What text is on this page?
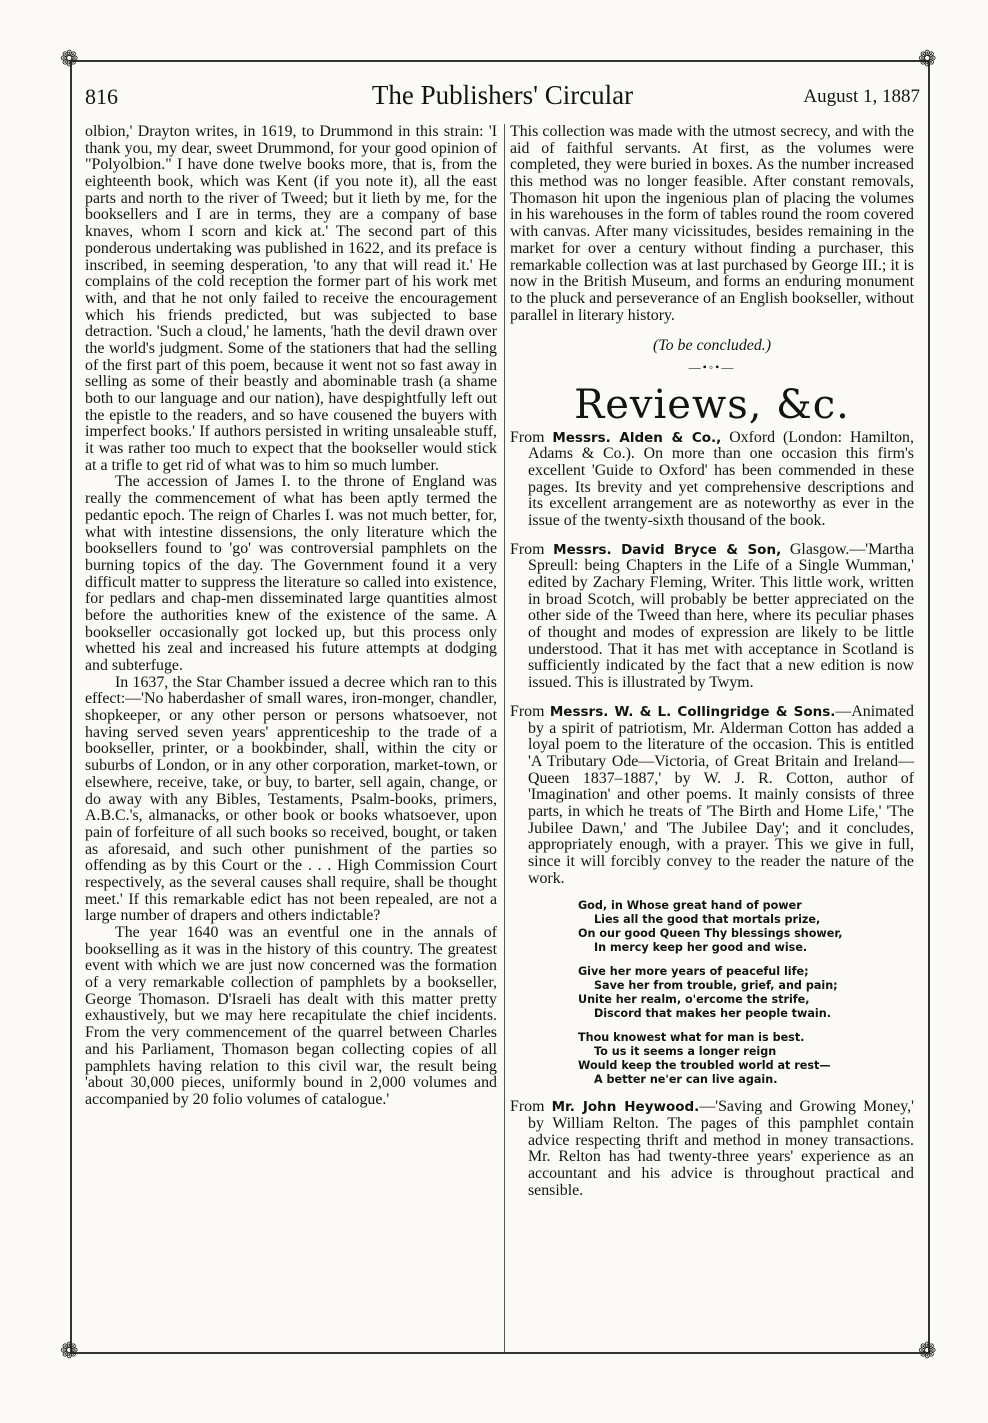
❁	❁
❁	❁
816	The Publishers' Circular	August 1, 1887

olbion,' Drayton writes, in 1619, to Drummond in this strain: 'I thank you, my dear, sweet Drummond, for your good opinion of "Polyolbion." I have done twelve books more, that is, from the eighteenth book, which was Kent (if you note it), all the east parts and north to the river of Tweed; but it lieth by me, for the booksellers and I are in terms, they are a company of base knaves, whom I scorn and kick at.' The second part of this ponderous undertaking was published in 1622, and its preface is inscribed, in seeming desperation, 'to any that will read it.' He complains of the cold reception the former part of his work met with, and that he not only failed to receive the encouragement which his friends predicted, but was subjected to base detraction. 'Such a cloud,' he laments, 'hath the devil drawn over the world's judgment. Some of the stationers that had the selling of the first part of this poem, because it went not so fast away in selling as some of their beastly and abominable trash (a shame both to our language and our nation), have despightfully left out the epistle to the readers, and so have cousened the buyers with imperfect books.' If authors persisted in writing unsaleable stuff, it was rather too much to expect that the bookseller would stick at a trifle to get rid of what was to him so much lumber.

The accession of James I. to the throne of England was really the commencement of what has been aptly termed the pedantic epoch. The reign of Charles I. was not much better, for, what with intestine dissensions, the only literature which the booksellers found to 'go' was controversial pamphlets on the burning topics of the day. The Government found it a very difficult matter to suppress the literature so called into existence, for pedlars and chap-men disseminated large quantities almost before the authorities knew of the existence of the same. A bookseller occasionally got locked up, but this process only whetted his zeal and increased his future attempts at dodging and subterfuge.

In 1637, the Star Chamber issued a decree which ran to this effect:—'No haberdasher of small wares, iron-monger, chandler, shopkeeper, or any other person or persons whatsoever, not having served seven years' apprenticeship to the trade of a bookseller, printer, or a bookbinder, shall, within the city or suburbs of London, or in any other corporation, market-town, or elsewhere, receive, take, or buy, to barter, sell again, change, or do away with any Bibles, Testaments, Psalm-books, primers, A.B.C.'s, almanacks, or other book or books whatsoever, upon pain of forfeiture of all such books so received, bought, or taken as aforesaid, and such other punishment of the parties so offending as by this Court or the . . . High Commission Court respectively, as the several causes shall require, shall be thought meet.' If this remarkable edict has not been repealed, are not a large number of drapers and others indictable?

The year 1640 was an eventful one in the annals of bookselling as it was in the history of this country. The greatest event with which we are just now concerned was the formation of a very remarkable collection of pamphlets by a bookseller, George Thomason. D'Israeli has dealt with this matter pretty exhaustively, but we may here recapitulate the chief incidents. From the very commencement of the quarrel between Charles and his Parliament, Thomason began collecting copies of all pamphlets having relation to this civil war, the result being 'about 30,000 pieces, uniformly bound in 2,000 volumes and accompanied by 20 folio volumes of catalogue.'

This collection was made with the utmost secrecy, and with the aid of faithful servants. At first, as the volumes were completed, they were buried in boxes. As the number increased this method was no longer feasible. After constant removals, Thomason hit upon the ingenious plan of placing the volumes in his warehouses in the form of tables round the room covered with canvas. After many vicissitudes, besides remaining in the market for over a century without finding a purchaser, this remarkable collection was at last purchased by George III.; it is now in the British Museum, and forms an enduring monument to the pluck and perseverance of an English bookseller, without parallel in literary history.

(To be concluded.)

—•◦•—
Reviews, &c.

From Messrs. Alden & Co., Oxford (London: Hamilton, Adams & Co.). On more than one occasion this firm's excellent 'Guide to Oxford' has been commended in these pages. Its brevity and yet comprehensive descriptions and its excellent arrangement are as noteworthy as ever in the issue of the twenty-sixth thousand of the book.

From Messrs. David Bryce & Son, Glasgow.—'Martha Spreull: being Chapters in the Life of a Single Wumman,' edited by Zachary Fleming, Writer. This little work, written in broad Scotch, will probably be better appreciated on the other side of the Tweed than here, where its peculiar phases of thought and modes of expression are likely to be little understood. That it has met with acceptance in Scotland is sufficiently indicated by the fact that a new edition is now issued. This is illustrated by Twym.

From Messrs. W. & L. Collingridge & Sons.—Animated by a spirit of patriotism, Mr. Alderman Cotton has added a loyal poem to the literature of the occasion. This is entitled 'A Tributary Ode—Victoria, of Great Britain and Ireland—Queen 1837–1887,' by W. J. R. Cotton, author of 'Imagination' and other poems. It mainly consists of three parts, in which he treats of 'The Birth and Home Life,' 'The Jubilee Dawn,' and 'The Jubilee Day'; and it concludes, appropriately enough, with a prayer. This we give in full, since it will forcibly convey to the reader the nature of the work.

God, in Whose great hand of power
Lies all the good that mortals prize,
On our good Queen Thy blessings shower,
In mercy keep her good and wise.
Give her more years of peaceful life;
Save her from trouble, grief, and pain;
Unite her realm, o'ercome the strife,
Discord that makes her people twain.
Thou knowest what for man is best.
To us it seems a longer reign
Would keep the troubled world at rest—
A better ne'er can live again.

From Mr. John Heywood.—'Saving and Growing Money,' by William Relton. The pages of this pamphlet contain advice respecting thrift and method in money transactions. Mr. Relton has had twenty-three years' experience as an accountant and his advice is throughout practical and sensible.
